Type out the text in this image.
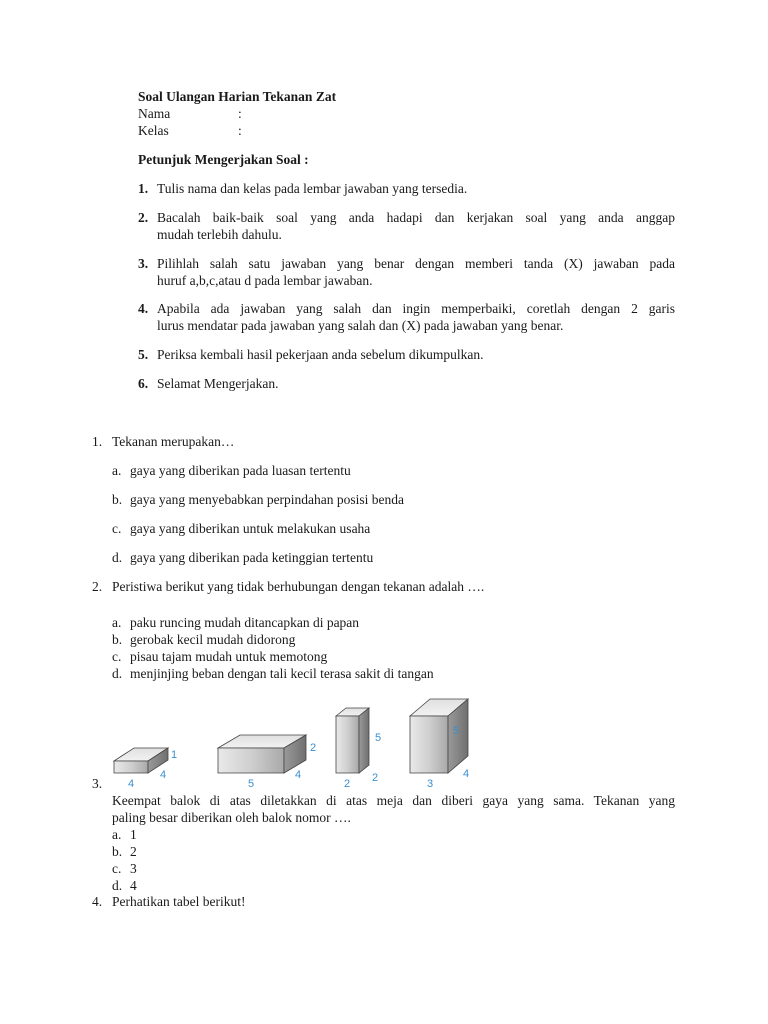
Soal Ulangan Harian Tekanan Zat
Nama	:
Kelas	:
Petunjuk Mengerjakan Soal :
1. Tulis nama dan kelas pada lembar jawaban yang tersedia.
2. Bacalah baik-baik soal yang anda hadapi dan kerjakan soal yang anda anggap
mudah terlebih dahulu.
3. Pilihlah salah satu jawaban yang benar dengan memberi tanda (X) jawaban pada
huruf a,b,c,atau d pada lembar jawaban.
4. Apabila ada jawaban yang salah dan ingin memperbaiki, coretlah dengan 2 garis
lurus mendatar pada jawaban yang salah dan (X) pada jawaban yang benar.
5. Periksa kembali hasil pekerjaan anda sebelum dikumpulkan.
6. Selamat Mengerjakan.
1. Tekanan merupakan…
a. gaya yang diberikan pada luasan tertentu
b. gaya yang menyebabkan perpindahan posisi benda
c. gaya yang diberikan untuk melakukan usaha
d. gaya yang diberikan pada ketinggian tertentu
2. Peristiwa berikut yang tidak berhubungan dengan tekanan adalah ….
a. paku runcing mudah ditancapkan di papan
b. gerobak kecil mudah didorong
c. pisau tajam mudah untuk memotong
d. menjinjing beban dengan tali kecil terasa sakit di tangan
4
4
1
5
4
2
2 2
5
3
4
5
3.
Keempat balok di atas diletakkan di atas meja dan diberi gaya yang sama. Tekanan yang
paling besar diberikan oleh balok nomor ….
a. 1
b. 2
c. 3
d. 4
4. Perhatikan tabel berikut!
